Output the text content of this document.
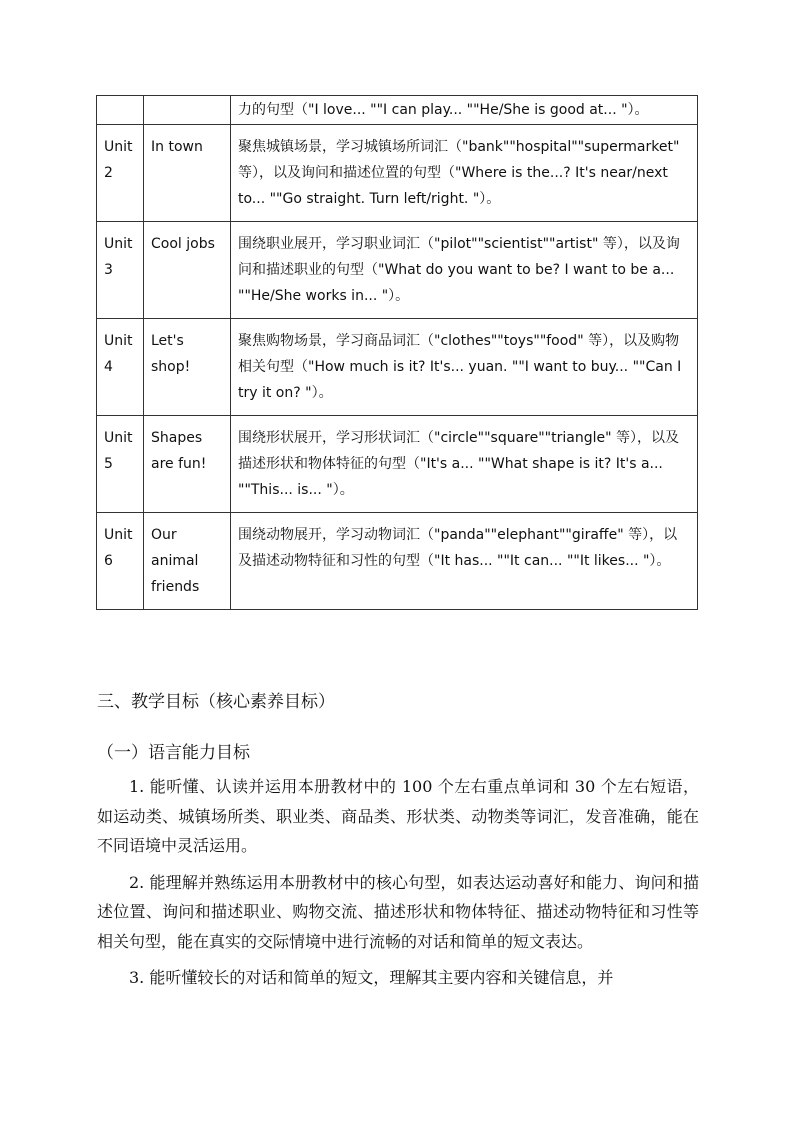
		力的句型（"I love... ""I can play... ""He/She is good at... "）。
Unit 2	In town	聚焦城镇场景，学习城镇场所词汇（"bank""hospital""supermarket" 等），以及询问和描述位置的句型（"Where is the...? It's near/next to... ""Go straight. Turn left/right. "）。
Unit 3	Cool jobs	围绕职业展开，学习职业词汇（"pilot""scientist""artist" 等），以及询问和描述职业的句型（"What do you want to be? I want to be a... ""He/She works in... "）。
Unit 4	Let's shop!	聚焦购物场景，学习商品词汇（"clothes""toys""food" 等），以及购物相关句型（"How much is it? It's... yuan. ""I want to buy... ""Can I try it on? "）。
Unit 5	Shapes are fun!	围绕形状展开，学习形状词汇（"circle""square""triangle" 等），以及描述形状和物体特征的句型（"It's a... ""What shape is it? It's a... ""This... is... "）。
Unit 6	Our animal friends	围绕动物展开，学习动物词汇（"panda""elephant""giraffe" 等），以及描述动物特征和习性的句型（"It has... ""It can... ""It likes... "）。
三、教学目标（核心素养目标）
（一）语言能力目标

1. 能听懂、认读并运用本册教材中的 100 个左右重点单词和 30 个左右短语，如运动类、城镇场所类、职业类、商品类、形状类、动物类等词汇，发音准确，能在不同语境中灵活运用。

2. 能理解并熟练运用本册教材中的核心句型，如表达运动喜好和能力、询问和描述位置、询问和描述职业、购物交流、描述形状和物体特征、描述动物特征和习性等相关句型，能在真实的交际情境中进行流畅的对话和简单的短文表达。

3. 能听懂较长的对话和简单的短文，理解其主要内容和关键信息，并
